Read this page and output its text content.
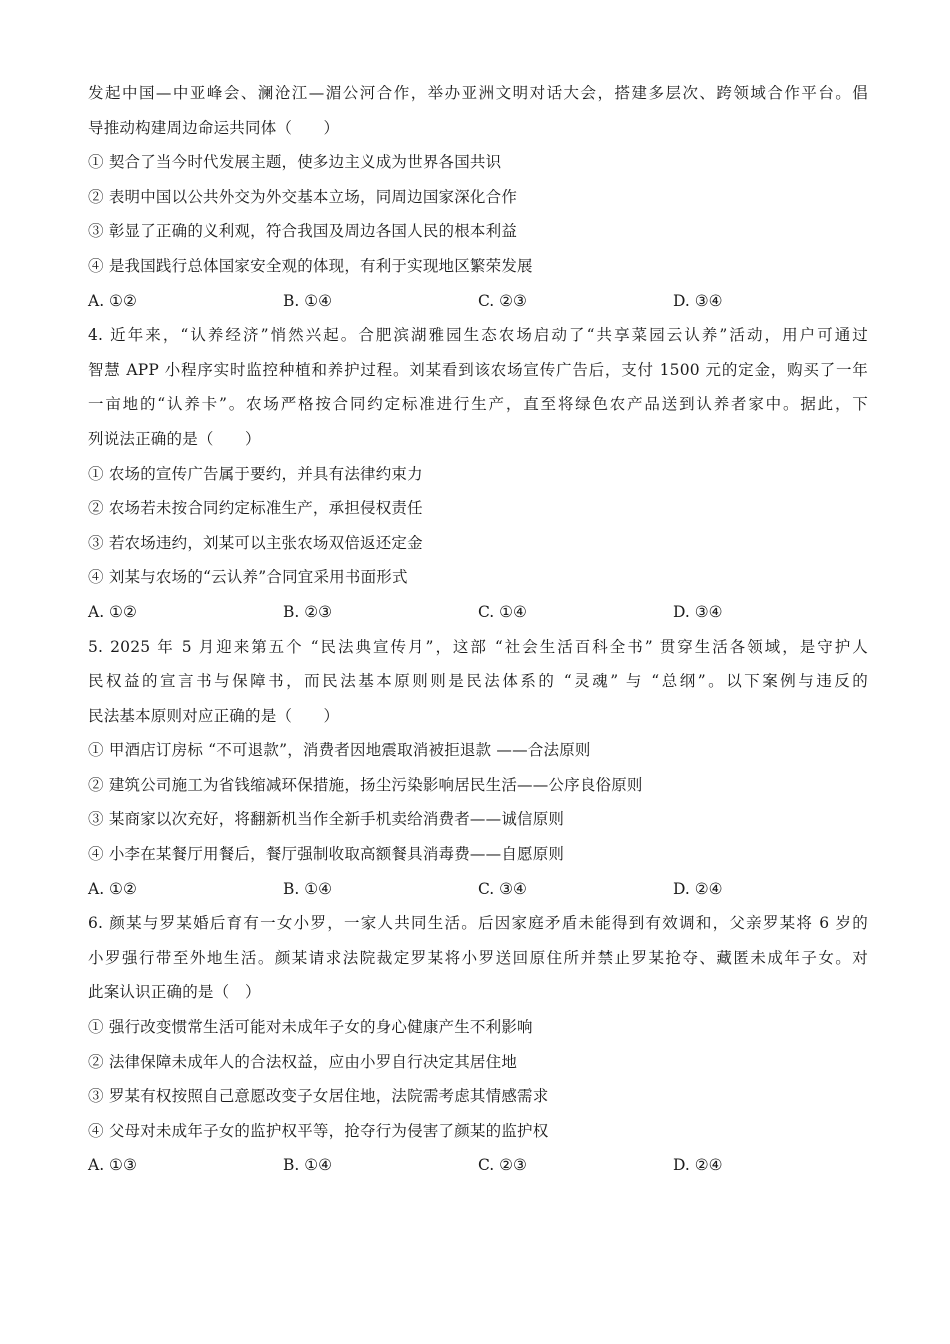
发起中国—中亚峰会、澜沧江—湄公河合作，举办亚洲文明对话大会，搭建多层次、跨领域合作平台。倡
导推动构建周边命运共同体（　　）
① 契合了当今时代发展主题，使多边主义成为世界各国共识
② 表明中国以公共外交为外交基本立场，同周边国家深化合作
③ 彰显了正确的义利观，符合我国及周边各国人民的根本利益
④ 是我国践行总体国家安全观的体现，有利于实现地区繁荣发展
A. ①②	B. ①④	C. ②③	D. ③④
4. 近年来，“认养经济”悄然兴起。合肥滨湖雅园生态农场启动了“共享菜园云认养”活动，用户可通过
智慧 APP 小程序实时监控种植和养护过程。刘某看到该农场宣传广告后，支付 1500 元的定金，购买了一年
一亩地的“认养卡”。农场严格按合同约定标准进行生产，直至将绿色农产品送到认养者家中。据此，下
列说法正确的是（　　）
① 农场的宣传广告属于要约，并具有法律约束力
② 农场若未按合同约定标准生产，承担侵权责任
③ 若农场违约，刘某可以主张农场双倍返还定金
④ 刘某与农场的“云认养”合同宜采用书面形式
A. ①②	B. ②③	C. ①④	D. ③④
5. 2025 年 5 月迎来第五个 “民法典宣传月”，这部 “社会生活百科全书” 贯穿生活各领域，是守护人
民权益的宣言书与保障书，而民法基本原则则是民法体系的 “灵魂” 与 “总纲”。以下案例与违反的
民法基本原则对应正确的是（　　）
① 甲酒店订房标 “不可退款”，消费者因地震取消被拒退款 ——合法原则
② 建筑公司施工为省钱缩减环保措施，扬尘污染影响居民生活——公序良俗原则
③ 某商家以次充好，将翻新机当作全新手机卖给消费者——诚信原则
④ 小李在某餐厅用餐后，餐厅强制收取高额餐具消毒费——自愿原则
A. ①②	B. ①④	C. ③④	D. ②④
6. 颜某与罗某婚后育有一女小罗，一家人共同生活。后因家庭矛盾未能得到有效调和，父亲罗某将 6 岁的
小罗强行带至外地生活。颜某请求法院裁定罗某将小罗送回原住所并禁止罗某抢夺、藏匿未成年子女。对
此案认识正确的是（　）
① 强行改变惯常生活可能对未成年子女的身心健康产生不利影响
② 法律保障未成年人的合法权益，应由小罗自行决定其居住地
③ 罗某有权按照自己意愿改变子女居住地，法院需考虑其情感需求
④ 父母对未成年子女的监护权平等，抢夺行为侵害了颜某的监护权
A. ①③	B. ①④	C. ②③	D. ②④
